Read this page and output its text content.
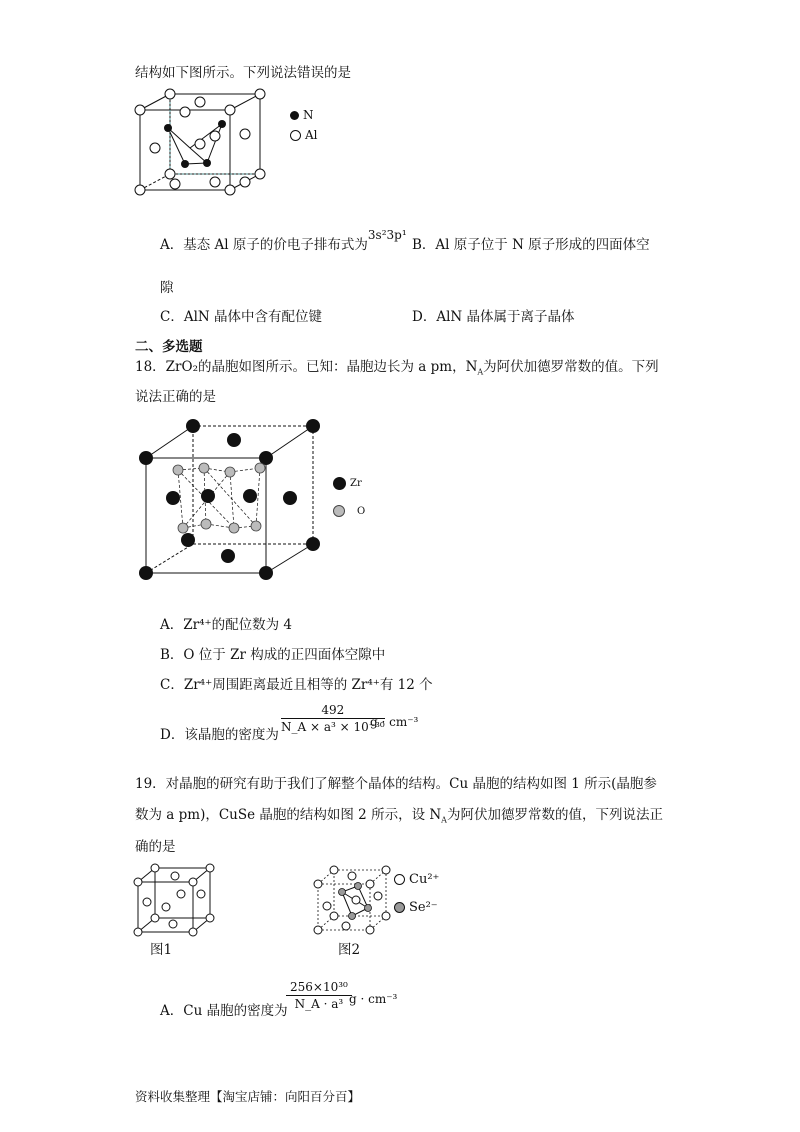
结构如下图所示。下列说法错误的是
N
Al
A．基态 Al 原子的价电子排布式为3s²3p¹
B．Al 原子位于 N 原子形成的四面体空
隙
C．AlN 晶体中含有配位键	D．AlN 晶体属于离子晶体
二、多选题
18．ZrO₂的晶胞如图所示。已知：晶胞边长为 a pm，$N_A$为阿伏加德罗常数的值。下列
说法正确的是
Zr
O
A．Zr⁴⁺的配位数为 4
B．O 位于 Zr 构成的正四面体空隙中
C．Zr⁴⁺周围距离最近且相等的 Zr⁴⁺有 12 个
D．该晶胞的密度为
$\frac{492}{\text{N\_A × a³ × 10⁻³⁰}}$
g · cm⁻³
19．对晶胞的研究有助于我们了解整个晶体的结构。Cu 晶胞的结构如图 1 所示(晶胞参
数为 a pm)，CuSe 晶胞的结构如图 2 所示，设 $N_A$为阿伏加德罗常数的值，下列说法正
确的是
图1	图2
Cu²⁺
Se²⁻
A．Cu 晶胞的密度为
$\frac{\text{256×10³⁰}}{\text{N\_A · a³}}$
g · cm⁻³
资料收集整理【淘宝店铺：向阳百分百】
